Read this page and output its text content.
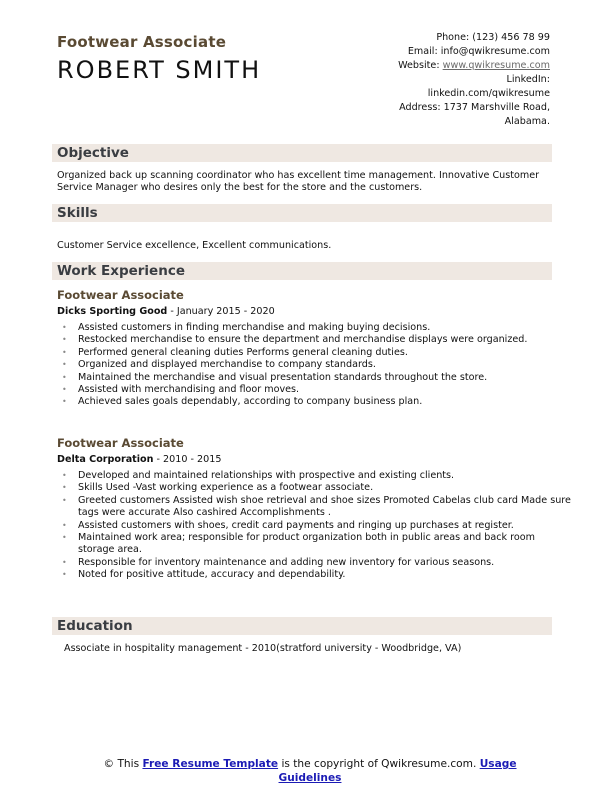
Footwear Associate
ROBERT SMITH
Phone: (123) 456 78 99
Email: info@qwikresume.com
Website: www.qwikresume.com
LinkedIn:
linkedin.com/qwikresume
Address: 1737 Marshville Road,
Alabama.
Objective
Organized back up scanning coordinator who has excellent time management. Innovative Customer Service Manager who desires only the best for the store and the customers.
Skills
Customer Service excellence, Excellent communications.
Work Experience
Footwear Associate
Dicks Sporting Good - January 2015 - 2020
• Assisted customers in finding merchandise and making buying decisions.
• Restocked merchandise to ensure the department and merchandise displays were organized.
• Performed general cleaning duties Performs general cleaning duties.
• Organized and displayed merchandise to company standards.
• Maintained the merchandise and visual presentation standards throughout the store.
• Assisted with merchandising and floor moves.
• Achieved sales goals dependably, according to company business plan.
Footwear Associate
Delta Corporation - 2010 - 2015
• Developed and maintained relationships with prospective and existing clients.
• Skills Used -Vast working experience as a footwear associate.
• Greeted customers Assisted wish shoe retrieval and shoe sizes Promoted Cabelas club card Made sure tags were accurate Also cashired Accomplishments .
• Assisted customers with shoes, credit card payments and ringing up purchases at register.
• Maintained work area; responsible for product organization both in public areas and back room storage area.
• Responsible for inventory maintenance and adding new inventory for various seasons.
• Noted for positive attitude, accuracy and dependability.
Education
Associate in hospitality management - 2010(stratford university - Woodbridge, VA)
© This Free Resume Template is the copyright of Qwikresume.com. Usage Guidelines
